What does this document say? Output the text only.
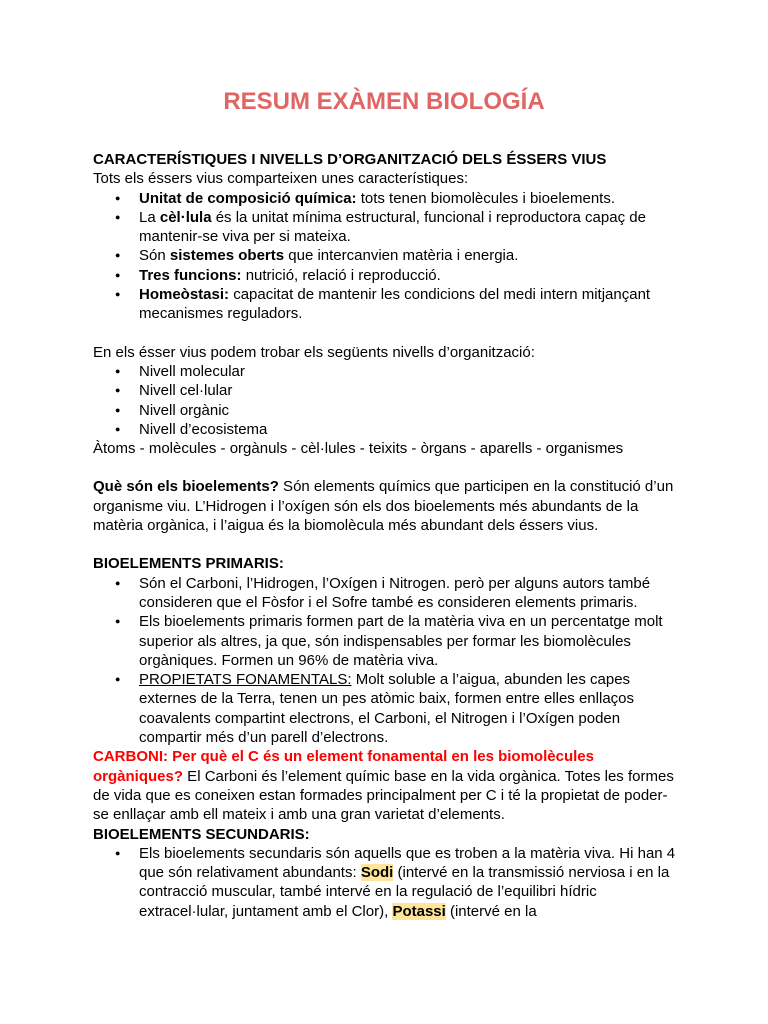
RESUM EXÀMEN BIOLOGÍA

CARACTERÍSTIQUES I NIVELLS D’ORGANITZACIÓ DELS ÉSSERS VIUS

Tots els éssers vius comparteixen unes característiques:

● Unitat de composició química: tots tenen biomolècules i bioelements.
● La cèl·lula és la unitat mínima estructural, funcional i reproductora capaç de mantenir-se viva per si mateixa.
● Són sistemes oberts que intercanvien matèria i energia.
● Tres funcions: nutrició, relació i reproducció.
● Homeòstasi: capacitat de mantenir les condicions del medi intern mitjançant mecanismes reguladors.

En els ésser vius podem trobar els següents nivells d’organització:

● Nivell molecular
● Nivell cel·lular
● Nivell orgànic
● Nivell d’ecosistema

Àtoms - molècules - orgànuls - cèl·lules - teixits - òrgans - aparells - organismes

Què són els bioelements? Són elements químics que participen en la constitució d’un organisme viu. L’Hidrogen i l’oxígen són els dos bioelements més abundants de la matèria orgànica, i l’aigua és la biomolècula més abundant dels éssers vius.

BIOELEMENTS PRIMARIS:

● Són el Carboni, l’Hidrogen, l’Oxígen i Nitrogen. però per alguns autors també consideren que el Fòsfor i el Sofre també es consideren elements primaris.
● Els bioelements primaris formen part de la matèria viva en un percentatge molt superior als altres, ja que, són indispensables per formar les biomolècules orgàniques. Formen un 96% de matèria viva.
● PROPIETATS FONAMENTALS: Molt soluble a l’aigua, abunden les capes externes de la Terra, tenen un pes atòmic baix, formen entre elles enllaços coavalents compartint electrons, el Carboni, el Nitrogen i l’Oxígen poden compartir més d’un parell d’electrons.

CARBONI: Per què el C és un element fonamental en les biomolècules orgàniques? El Carboni és l’element químic base en la vida orgànica. Totes les formes de vida que es coneixen estan formades principalment per C i té la propietat de poder-se enllaçar amb ell mateix i amb una gran varietat d’elements.

BIOELEMENTS SECUNDARIS:

● Els bioelements secundaris són aquells que es troben a la matèria viva. Hi han 4 que són relativament abundants: Sodi (intervé en la transmissió nerviosa i en la contracció muscular, també intervé en la regulació de l’equilibri hídric extracel·lular, juntament amb el Clor), Potassi (intervé en la
